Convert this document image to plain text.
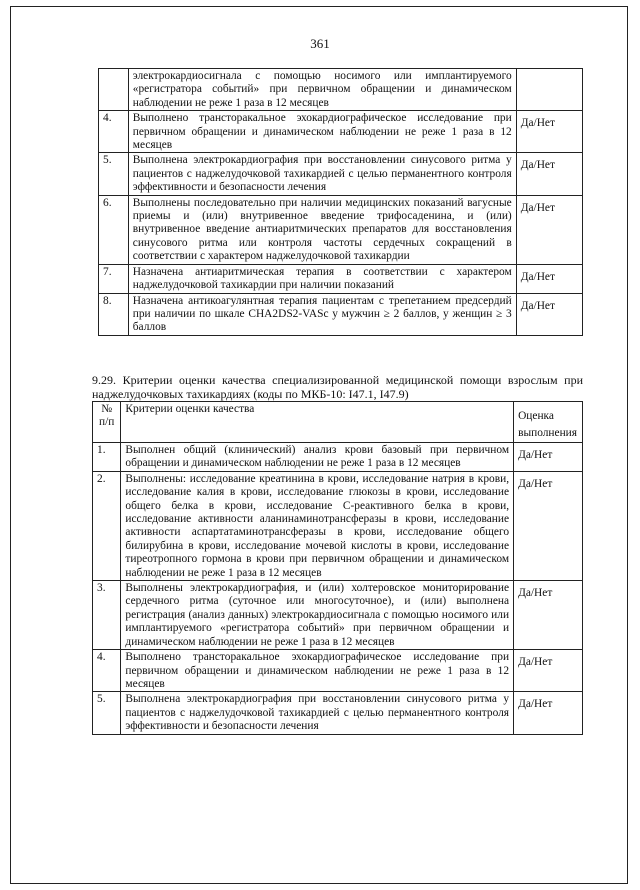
361
	электрокардиосигнала с помощью носимого или имплантируемого «регистратора событий» при первичном обращении и динамическом наблюдении не реже 1 раза в 12 месяцев	
4.	Выполнено трансторакальное эхокардиографическое исследование при первичном обращении и динамическом наблюдении не реже 1 раза в 12 месяцев	Да/Нет
5.	Выполнена электрокардиография при восстановлении синусового ритма у пациентов с наджелудочковой тахикардией с целью перманентного контроля эффективности и безопасности лечения	Да/Нет
6.	Выполнены последовательно при наличии медицинских показаний вагусные приемы и (или) внутривенное введение трифосаденина, и (или) внутривенное введение антиаритмических препаратов для восстановления синусового ритма или контроля частоты сердечных сокращений в соответствии с характером наджелудочковой тахикардии	Да/Нет
7.	Назначена антиаритмическая терапия в соответствии с характером наджелудочковой тахикардии при наличии показаний	Да/Нет
8.	Назначена антикоагулянтная терапия пациентам с трепетанием предсердий при наличии по шкале CHA2DS2-VASc у мужчин ≥ 2 баллов, у женщин ≥ 3 баллов	Да/Нет
9.29. Критерии оценки качества специализированной медицинской помощи взрослым при наджелудочковых тахикардиях (коды по МКБ-10: I47.1, I47.9)
№ п/п	Критерии оценки качества	Оценка выполнения
1.	Выполнен общий (клинический) анализ крови базовый при первичном обращении и динамическом наблюдении не реже 1 раза в 12 месяцев	Да/Нет
2.	Выполнены: исследование креатинина в крови, исследование натрия в крови, исследование калия в крови, исследование глюкозы в крови, исследование общего белка в крови, исследование С-реактивного белка в крови, исследование активности аланинаминотрансферазы в крови, исследование активности аспартатаминотрансферазы в крови, исследование общего билирубина в крови, исследование мочевой кислоты в крови, исследование тиреотропного гормона в крови при первичном обращении и динамическом наблюдении не реже 1 раза в 12 месяцев	Да/Нет
3.	Выполнены электрокардиография, и (или) холтеровское мониторирование сердечного ритма (суточное или многосуточное), и (или) выполнена регистрация (анализ данных) электрокардиосигнала с помощью носимого или имплантируемого «регистратора событий» при первичном обращении и динамическом наблюдении не реже 1 раза в 12 месяцев	Да/Нет
4.	Выполнено трансторакальное эхокардиографическое исследование при первичном обращении и динамическом наблюдении не реже 1 раза в 12 месяцев	Да/Нет
5.	Выполнена электрокардиография при восстановлении синусового ритма у пациентов с наджелудочковой тахикардией с целью перманентного контроля эффективности и безопасности лечения	Да/Нет
